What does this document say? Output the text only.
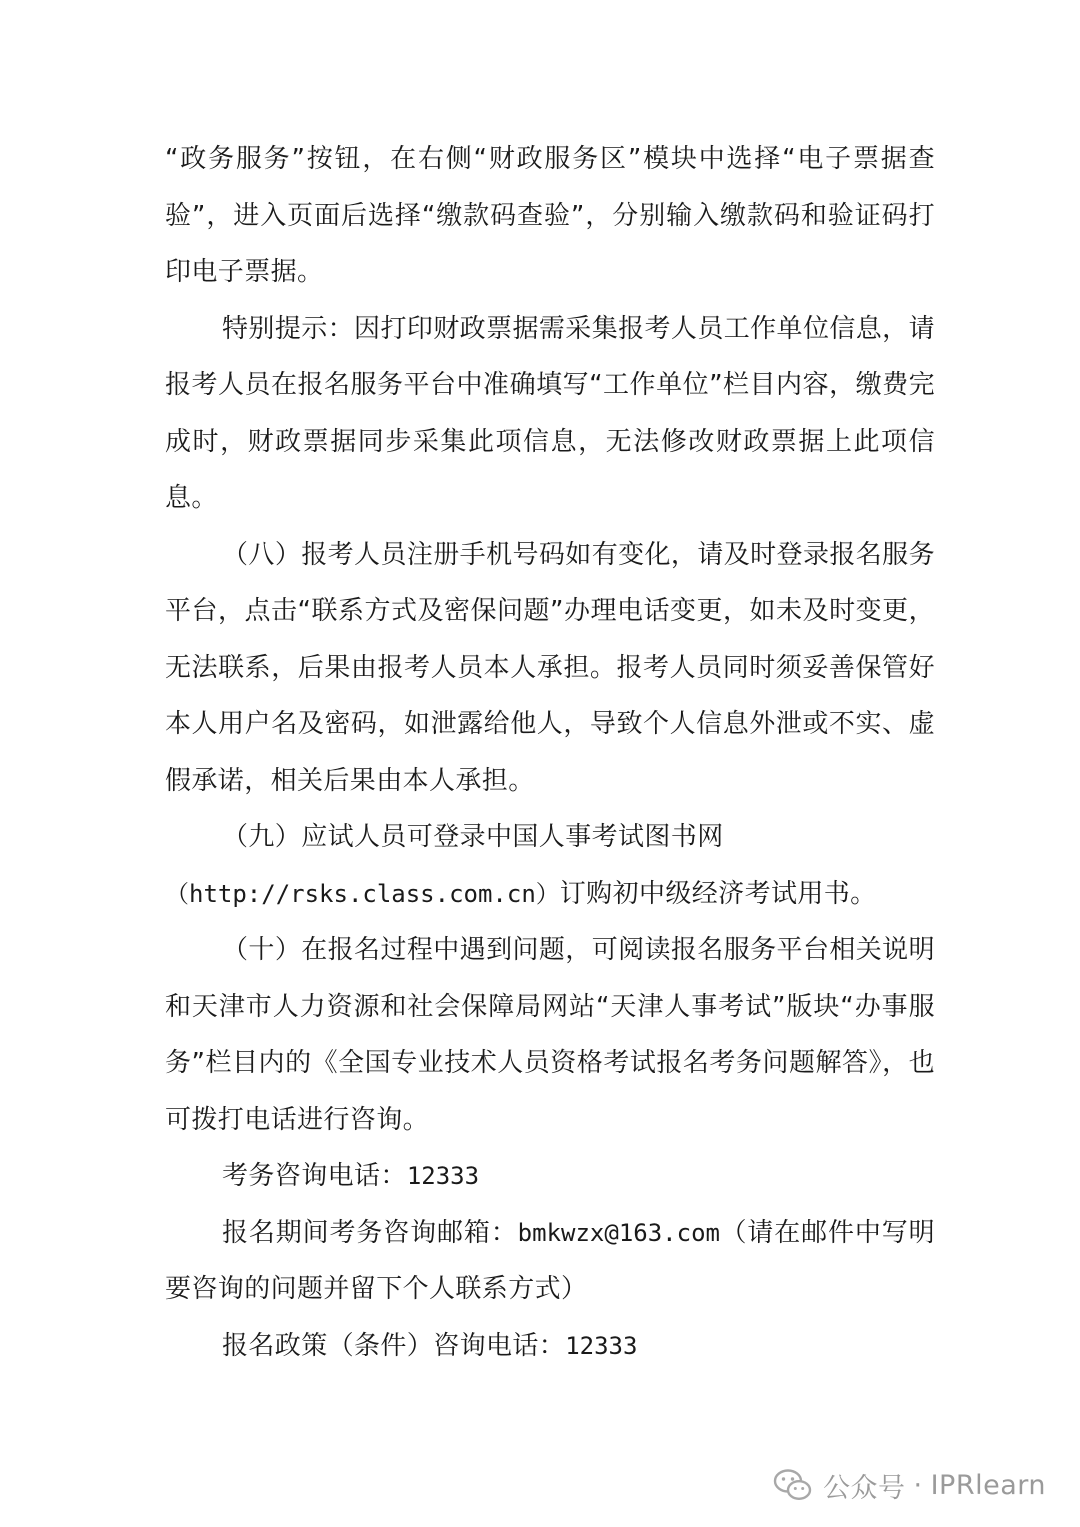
“政务服务”按钮，在右侧“财政服务区”模块中选择“电子票据查验”，进入页面后选择“缴款码查验”，分别输入缴款码和验证码打印电子票据。

特别提示：因打印财政票据需采集报考人员工作单位信息，请报考人员在报名服务平台中准确填写“工作单位”栏目内容，缴费完成时，财政票据同步采集此项信息，无法修改财政票据上此项信息。

（八）报考人员注册手机号码如有变化，请及时登录报名服务平台，点击“联系方式及密保问题”办理电话变更，如未及时变更，无法联系，后果由报考人员本人承担。报考人员同时须妥善保管好本人用户名及密码，如泄露给他人，导致个人信息外泄或不实、虚假承诺，相关后果由本人承担。

（九）应试人员可登录中国人事考试图书网
（http://rsks.class.com.cn）订购初中级经济考试用书。

（十）在报名过程中遇到问题，可阅读报名服务平台相关说明和天津市人力资源和社会保障局网站“天津人事考试”版块“办事服务”栏目内的《全国专业技术人员资格考试报名考务问题解答》，也可拨打电话进行咨询。

考务咨询电话：12333

报名期间考务咨询邮箱：bmkwzx@163.com（请在邮件中写明要咨询的问题并留下个人联系方式）

报名政策（条件）咨询电话：12333

公众号 · IPRlearn
